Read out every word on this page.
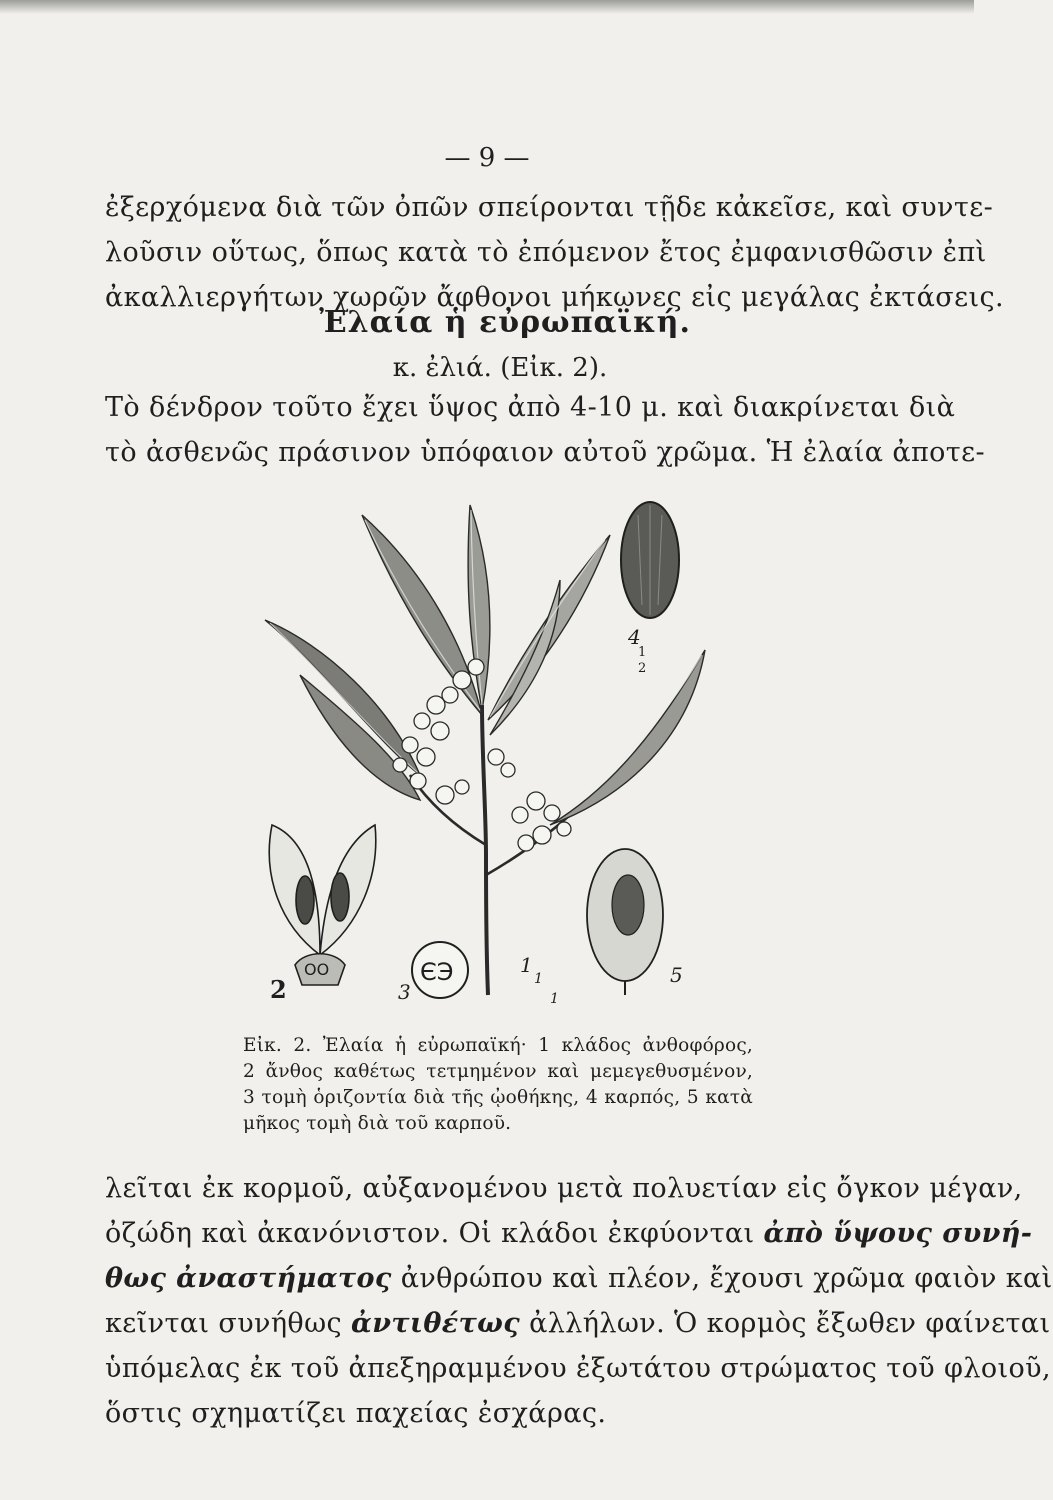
— 9 —
ἐξερχόμενα διὰ τῶν ὀπῶν σπείρονται τῇδε κἀκεῖσε, καὶ συντε-
λοῦσιν οὕτως, ὅπως κατὰ τὸ ἐπόμενον ἔτος ἐμφανισθῶσιν ἐπὶ
ἀκαλλιεργήτων χωρῶν ἄφθονοι μήκωνες εἰς μεγάλας ἐκτάσεις.
Ἐλαία ἡ εὐρωπαϊκή.
κ. ἐλιά. (Εἰκ. 2).
Τὸ δένδρον τοῦτο ἔχει ὕψος ἀπὸ 4-10 μ. καὶ διακρίνεται διὰ
τὸ ἀσθενῶς πράσινον ὑπόφαιον αὐτοῦ χρῶμα. Ἡ ἐλαία ἀποτε-
OO	ЄЭ	1
1
1
2	3
4
1
2
5
Εἰκ. 2. Ἐλαία ἡ εὐρωπαϊκή· 1 κλάδος ἀνθοφόρος,
2 ἄνθος καθέτως τετμημένον καὶ μεμεγεθυσμένον,
3 τομὴ ὁριζοντία διὰ τῆς ᾠοθήκης, 4 καρπός, 5 κατὰ
μῆκος τομὴ διὰ τοῦ καρποῦ.
λεῖται ἐκ κορμοῦ, αὐξανομένου μετὰ πολυετίαν εἰς ὄγκον μέγαν,
ὀζώδη καὶ ἀκανόνιστον. Οἱ κλάδοι ἐκφύονται ἀπὸ ὕψους συνή-
θως ἀναστήματος ἀνθρώπου καὶ πλέον, ἔχουσι χρῶμα φαιὸν καὶ
κεῖνται συνήθως ἀντιθέτως ἀλλήλων. Ὁ κορμὸς ἔξωθεν φαίνεται
ὑπόμελας ἐκ τοῦ ἀπεξηραμμένου ἐξωτάτου στρώματος τοῦ φλοιοῦ,
ὅστις σχηματίζει παχείας ἐσχάρας.
